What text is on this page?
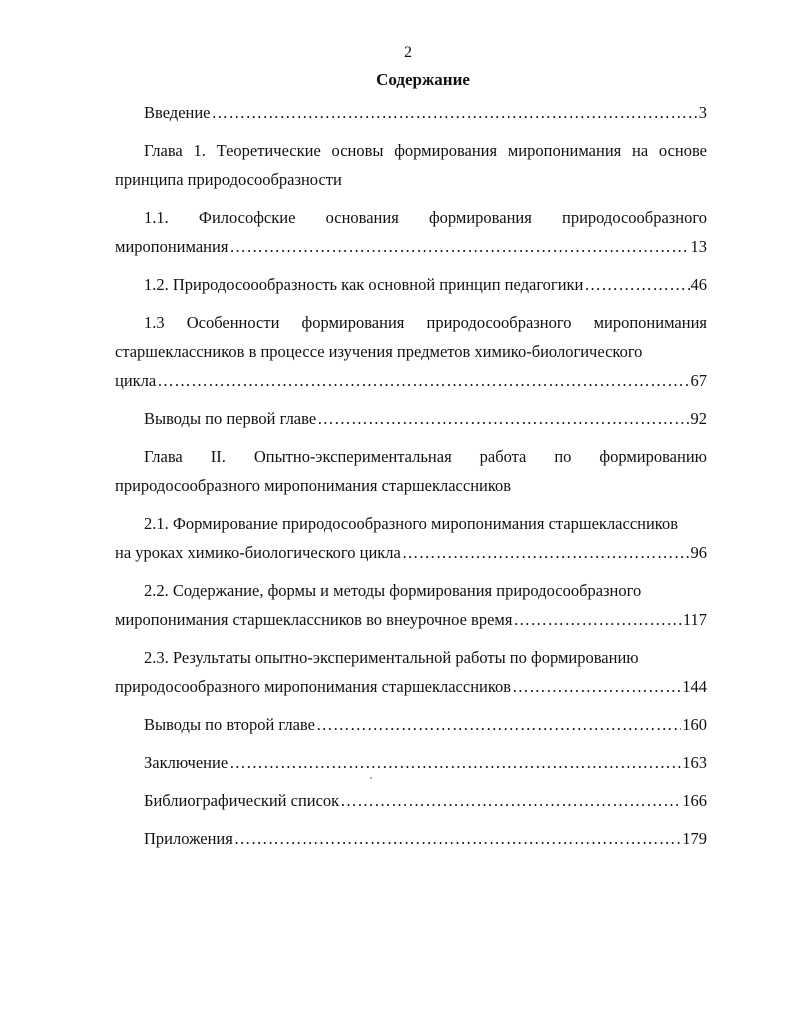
2
Содержание
Введение ………………………………………………………………………………………………………………………………………………………………	3
Глава 1. Теоретические основы формирования миропонимания на основе принципа природосообразности
1.1. Философские основания формирования природосообразного
миропонимания ………………………………………………………………………………………………………………………………………………………………	13
1.2. Природосоообразность как основной принцип педагогики ………………………………………………………………………………………………………………………………………………………………	46
1.3 Особенности формирования природосообразного миропонимания старшеклассников в процессе изучения предметов химико-биологического
цикла ………………………………………………………………………………………………………………………………………………………………	67
Выводы по первой главе ………………………………………………………………………………………………………………………………………………………………	92
Глава II. Опытно-экспериментальная работа по формированию природосообразного миропонимания старшеклассников
2.1. Формирование природосообразного миропонимания старшеклассников
на уроках химико-биологического цикла ………………………………………………………………………………………………………………………………………………………………	96
2.2. Содержание, формы и методы формирования природосообразного
миропонимания старшеклассников во внеурочное время ………………………………………………………………………………………………………………………………………………………………	117
2.3. Результаты опытно-экспериментальной работы по формированию
природосообразного миропонимания старшеклассников ………………………………………………………………………………………………………………………………………………………………	144
Выводы по второй главе ………………………………………………………………………………………………………………………………………………………………	160
Заключение ………………………………………………………………………………………………………………………………………………………………	163
Библиографический список ………………………………………………………………………………………………………………………………………………………………	166
Приложения ………………………………………………………………………………………………………………………………………………………………	179
